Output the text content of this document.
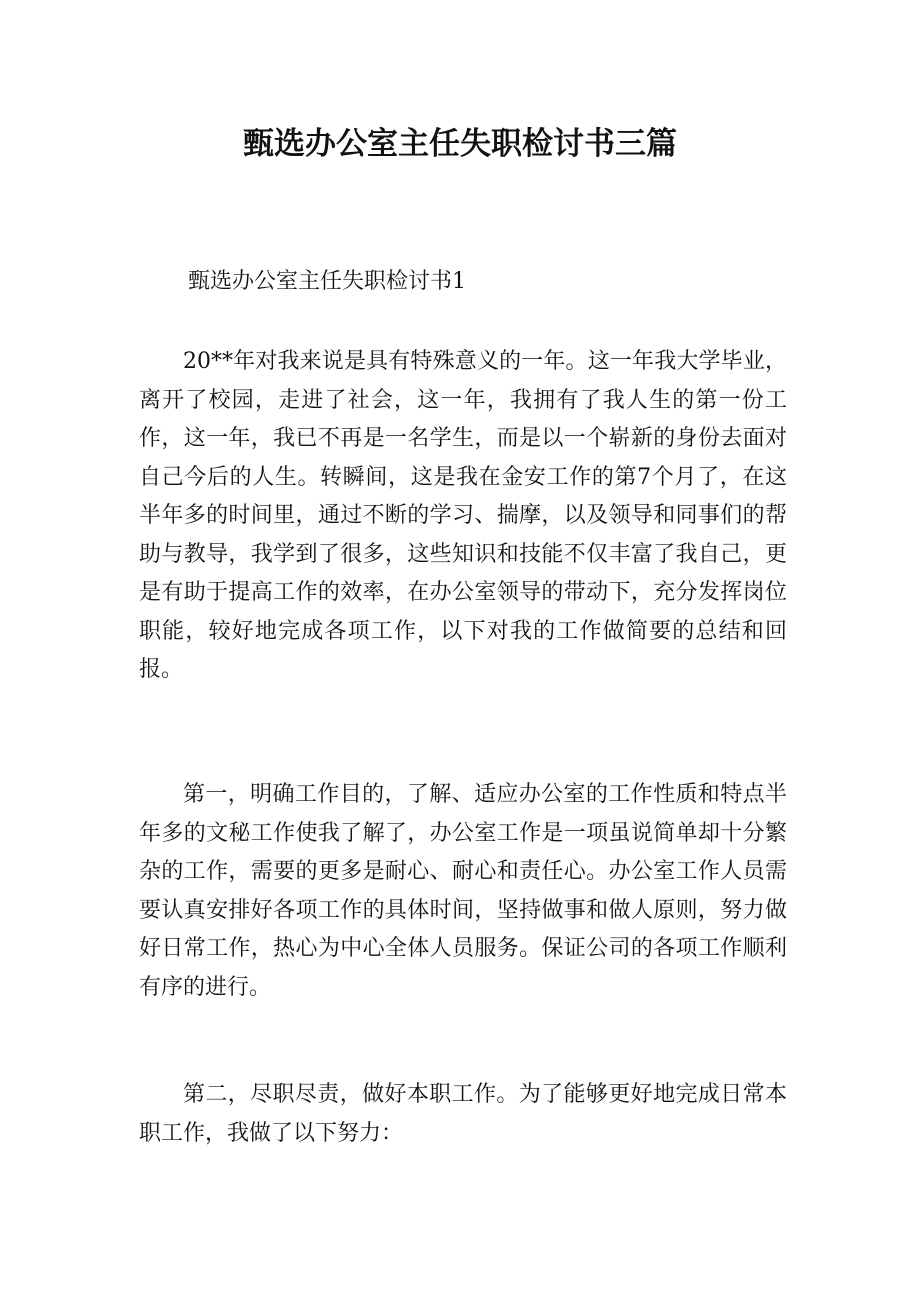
甄选办公室主任失职检讨书三篇

甄选办公室主任失职检讨书1

20**年对我来说是具有特殊意义的一年。这一年我大学毕业，离开了校园，走进了社会，这一年，我拥有了我人生的第一份工作，这一年，我已不再是一名学生，而是以一个崭新的身份去面对自己今后的人生。转瞬间，这是我在金安工作的第7个月了，在这半年多的时间里，通过不断的学习、揣摩，以及领导和同事们的帮助与教导，我学到了很多，这些知识和技能不仅丰富了我自己，更是有助于提高工作的效率，在办公室领导的带动下，充分发挥岗位职能，较好地完成各项工作，以下对我的工作做简要的总结和回报。

第一，明确工作目的，了解、适应办公室的工作性质和特点半年多的文秘工作使我了解了，办公室工作是一项虽说简单却十分繁杂的工作，需要的更多是耐心、耐心和责任心。办公室工作人员需要认真安排好各项工作的具体时间，坚持做事和做人原则，努力做好日常工作，热心为中心全体人员服务。保证公司的各项工作顺利有序的进行。

第二，尽职尽责，做好本职工作。为了能够更好地完成日常本职工作，我做了以下努力：
